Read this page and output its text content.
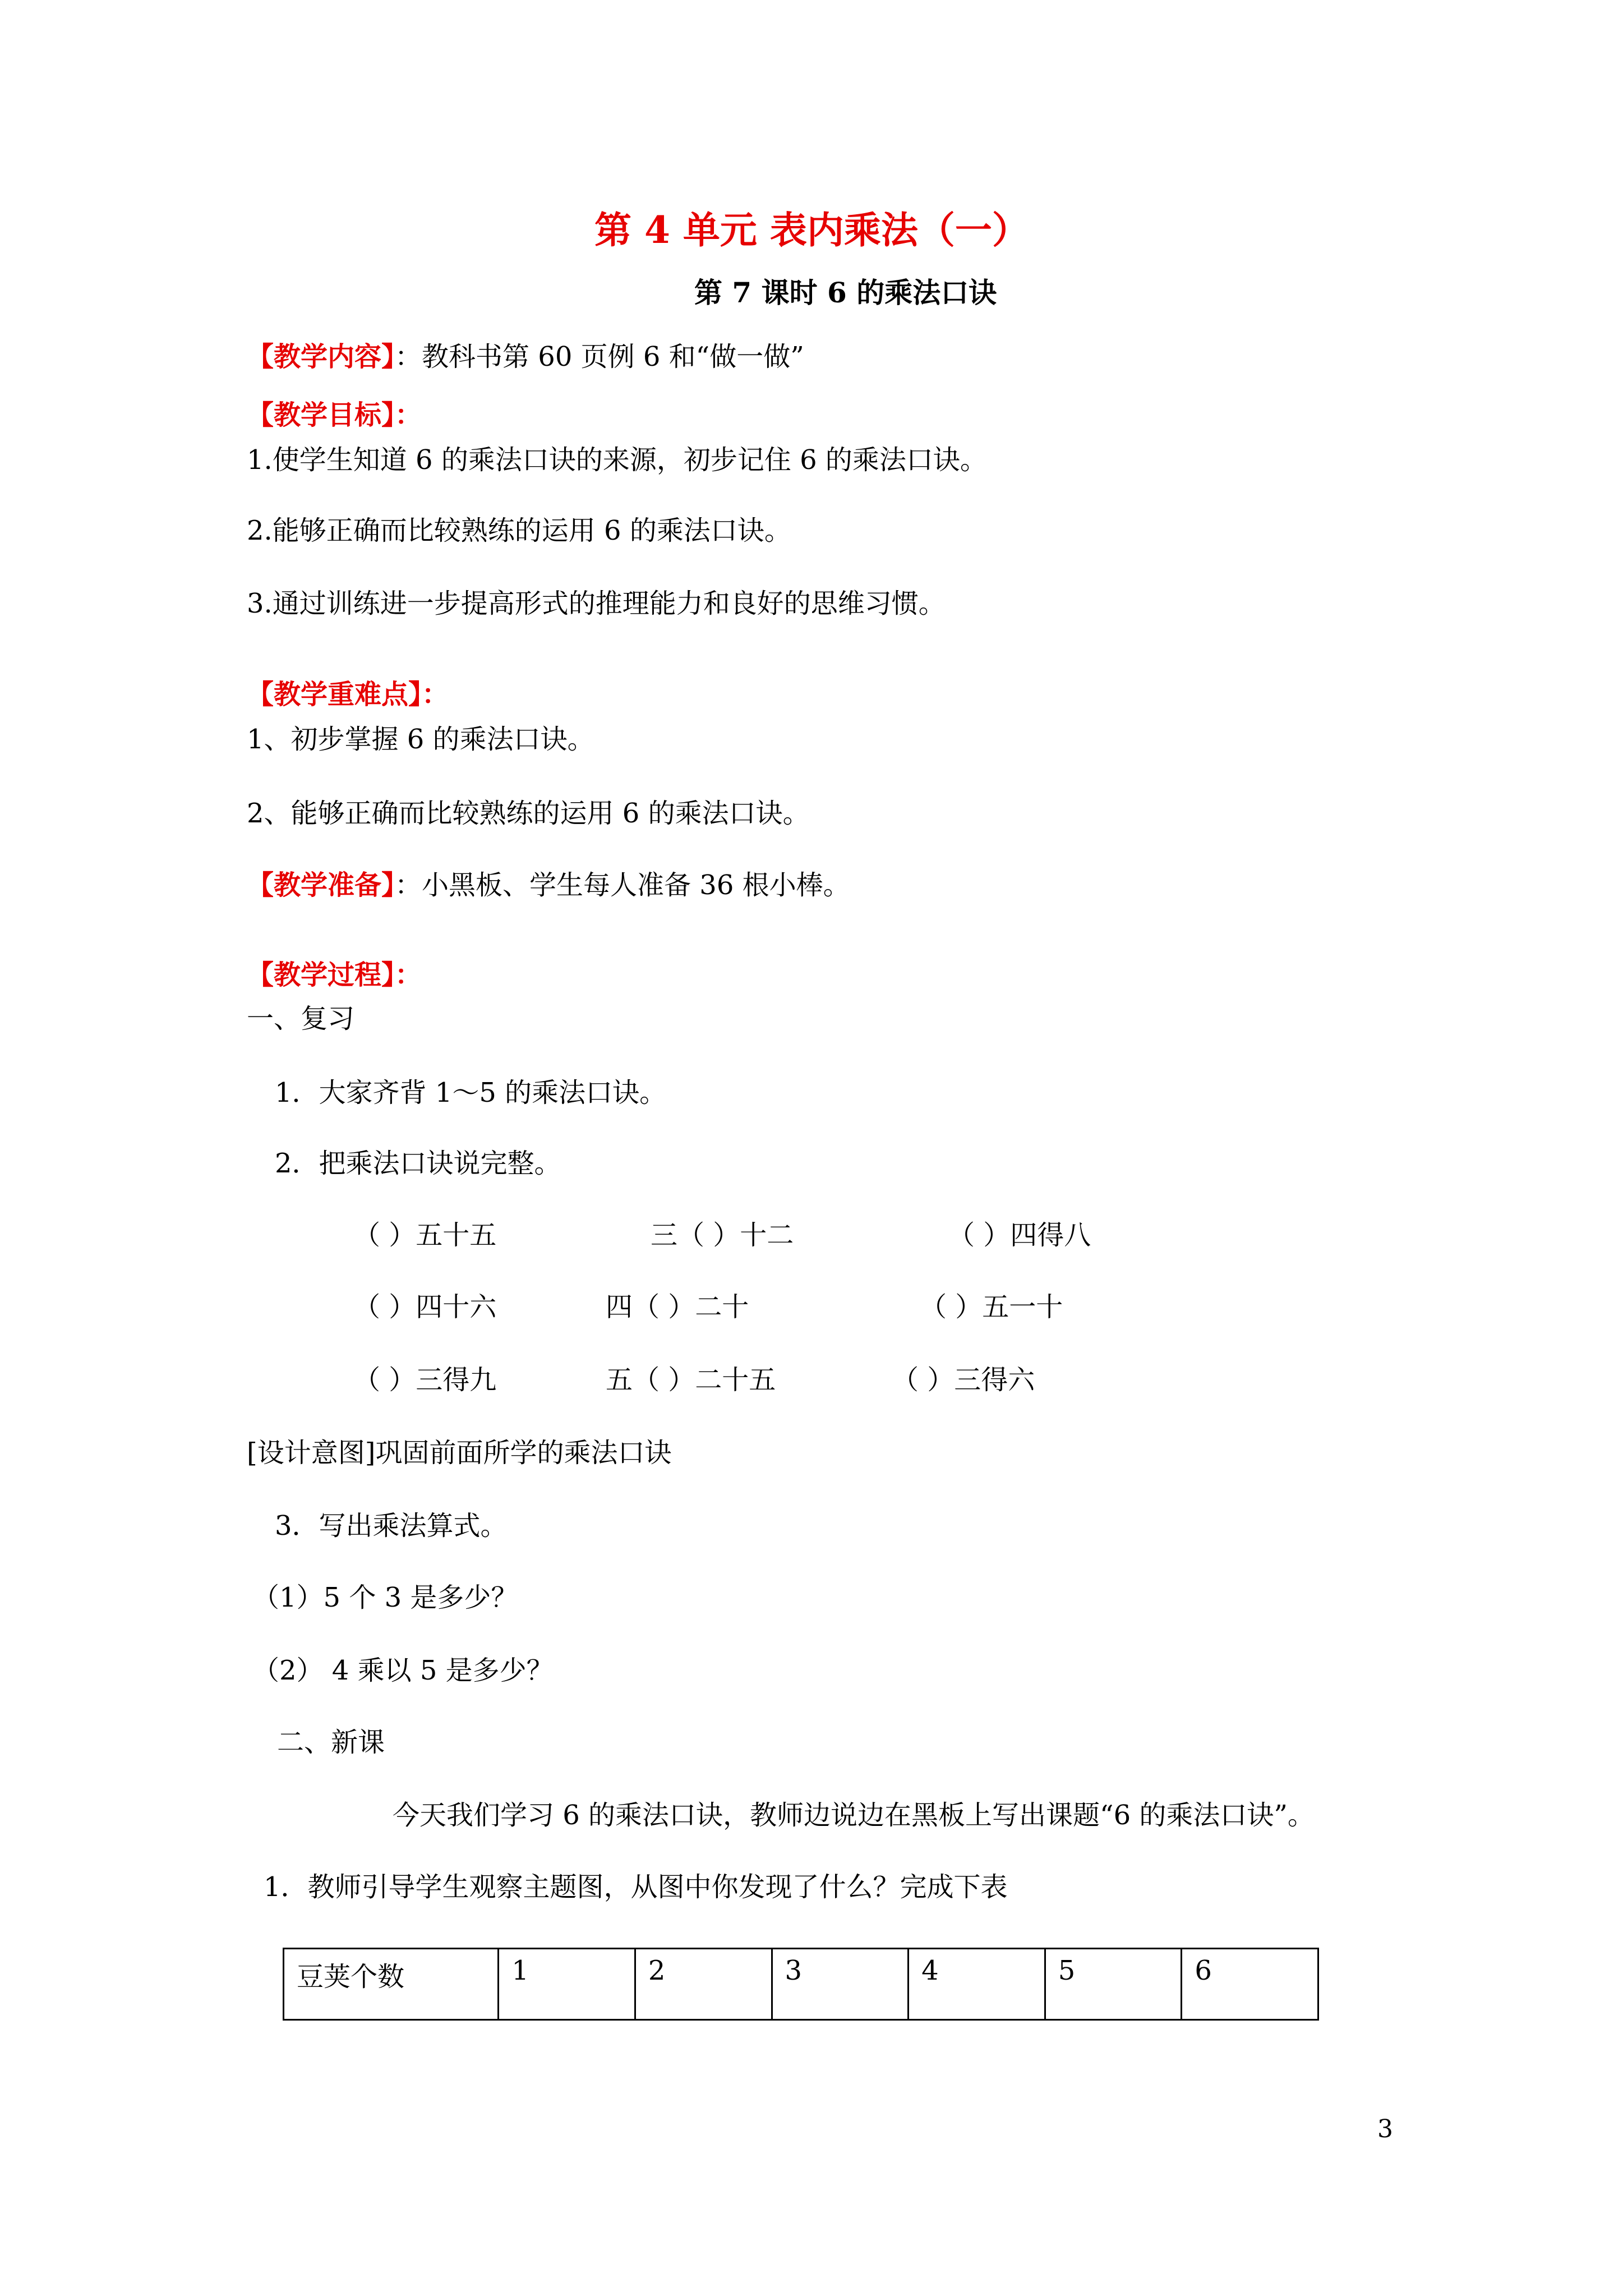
第 4 单元 表内乘法（一）
第 7 课时 6 的乘法口诀
【教学内容】：教科书第 60 页例 6 和“做一做”
【教学目标】：
1.使学生知道 6 的乘法口诀的来源，初步记住 6 的乘法口诀。
2.能够正确而比较熟练的运用 6 的乘法口诀。
3.通过训练进一步提高形式的推理能力和良好的思维习惯。
【教学重难点】：
1、初步掌握 6 的乘法口诀。
2、能够正确而比较熟练的运用 6 的乘法口诀。
【教学准备】：小黑板、学生每人准备 36 根小棒。
【教学过程】：
一、复习
1．大家齐背 1～5 的乘法口诀。
2．把乘法口诀说完整。
（ ）五十五	三（ ）十二	（ ）四得八
（ ）四十六	四（ ）二十	（ ）五一十
（ ）三得九	五（ ）二十五	（ ）三得六
[设计意图]巩固前面所学的乘法口诀
3．写出乘法算式。
（1）5 个 3 是多少？
（2） 4 乘以 5 是多少？
二、新课
今天我们学习 6 的乘法口诀，教师边说边在黑板上写出课题“6 的乘法口诀”。
1．教师引导学生观察主题图，从图中你发现了什么？完成下表
豆荚个数	1	2	3	4	5	6
3
